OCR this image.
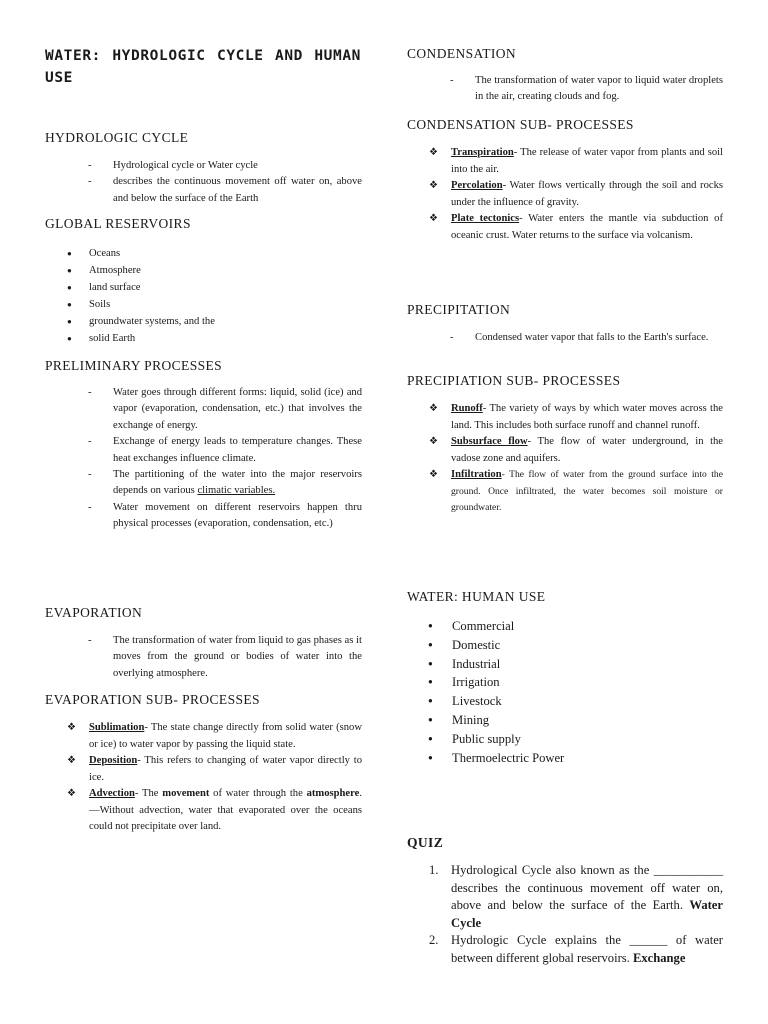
WATER: HYDROLOGIC CYCLE AND HUMAN USE
HYDROLOGIC CYCLE
- Hydrological cycle or Water cycle
- describes the continuous movement off water on, above and below the surface of the Earth
GLOBAL RESERVOIRS
● Oceans
● Atmosphere
● land surface
● Soils
● groundwater systems, and the
● solid Earth
PRELIMINARY PROCESSES
- Water goes through different forms: liquid, solid (ice) and vapor (evaporation, condensation, etc.) that involves the exchange of energy.
- Exchange of energy leads to temperature changes. These heat exchanges influence climate.
- The partitioning of the water into the major reservoirs depends on various climatic variables.
- Water movement on different reservoirs happen thru physical processes (evaporation, condensation, etc.)
EVAPORATION
- The transformation of water from liquid to gas phases as it moves from the ground or bodies of water into the overlying atmosphere.
EVAPORATION SUB- PROCESSES
❖ Sublimation- The state change directly from solid water (snow or ice) to water vapor by passing the liquid state.
❖ Deposition- This refers to changing of water vapor directly to ice.
❖ Advection- The movement of water through the atmosphere.—Without advection, water that evaporated over the oceans could not precipitate over land.
CONDENSATION
- The transformation of water vapor to liquid water droplets in the air, creating clouds and fog.
CONDENSATION SUB- PROCESSES
❖ Transpiration- The release of water vapor from plants and soil into the air.
❖ Percolation- Water flows vertically through the soil and rocks under the influence of gravity.
❖ Plate tectonics- Water enters the mantle via subduction of oceanic crust. Water returns to the surface via volcanism.
PRECIPITATION
- Condensed water vapor that falls to the Earth's surface.
PRECIPIATION SUB- PROCESSES
❖ Runoff- The variety of ways by which water moves across the land. This includes both surface runoff and channel runoff.
❖ Subsurface flow- The flow of water underground, in the vadose zone and aquifers.
❖ Infiltration- The flow of water from the ground surface into the ground. Once infiltrated, the water becomes soil moisture or groundwater.
WATER: HUMAN USE
● Commercial
● Domestic
● Industrial
● Irrigation
● Livestock
● Mining
● Public supply
● Thermoelectric Power
QUIZ
1. Hydrological Cycle also known as the ___________ describes the continuous movement off water on, above and below the surface of the Earth. Water Cycle
2. Hydrologic Cycle explains the ______ of water between different global reservoirs. Exchange
